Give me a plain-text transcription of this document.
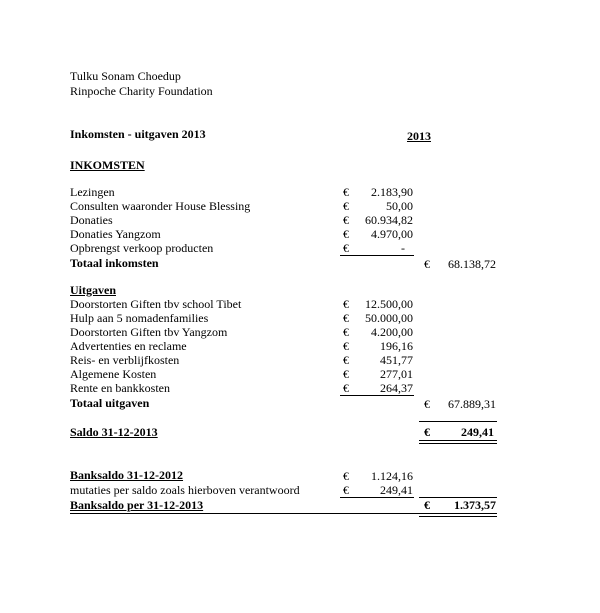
Tulku Sonam Choedup
Rinpoche Charity Foundation
Inkomsten - uitgaven 2013	2013
INKOMSTEN
Lezingen	€	2.183,90
Consulten waaronder House Blessing	€	50,00
Donaties	€	60.934,82
Donaties Yangzom	€	4.970,00
Opbrengst verkoop producten	€	-
Totaal inkomsten	€	68.138,72
Uitgaven
Doorstorten Giften tbv school Tibet	€	12.500,00
Hulp aan 5 nomadenfamilies	€	50.000,00
Doorstorten Giften tbv Yangzom	€	4.200,00
Advertenties en reclame	€	196,16
Reis- en verblijfkosten	€	451,77
Algemene Kosten	€	277,01
Rente en bankkosten	€	264,37
Totaal uitgaven	€	67.889,31
Saldo 31-12-2013	€	249,41
Banksaldo 31-12-2012	€	1.124,16
mutaties per saldo zoals hierboven verantwoord	€	249,41
Banksaldo per 31-12-2013	€	1.373,57
